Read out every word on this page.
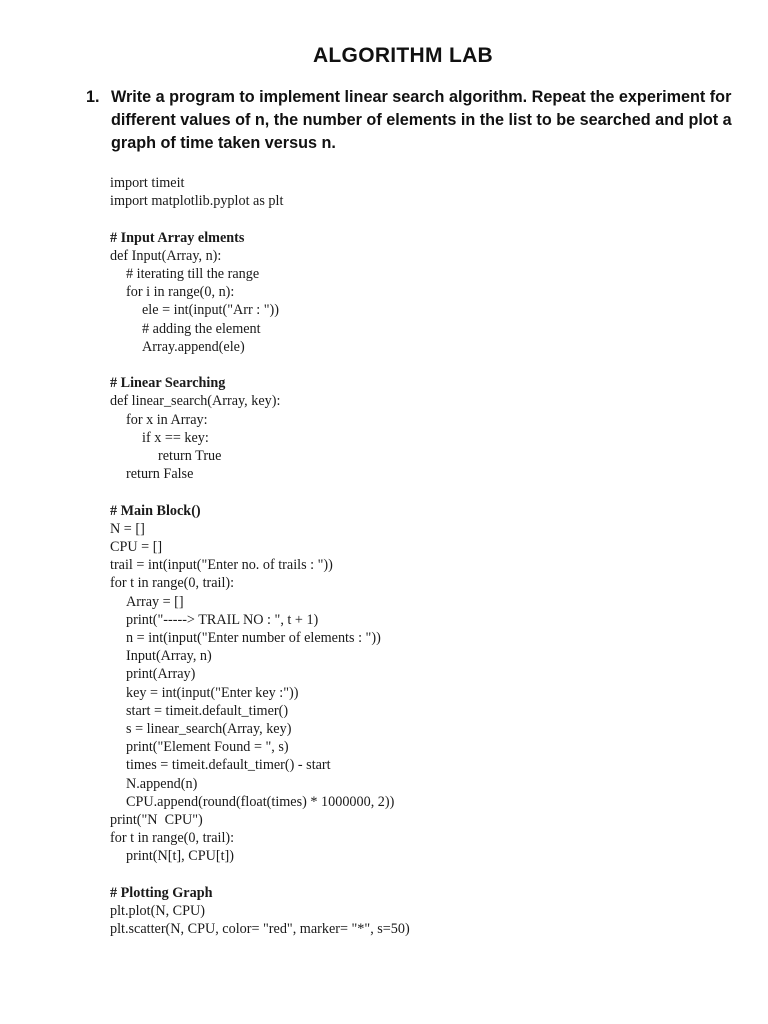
ALGORITHM LAB
1. Write a program to implement linear search algorithm. Repeat the experiment for
different values of n, the number of elements in the list to be searched and plot a
graph of time taken versus n.
import timeit
import matplotlib.pyplot as plt
# Input Array elments
def Input(Array, n):
# iterating till the range
for i in range(0, n):
ele = int(input("Arr : "))
# adding the element
Array.append(ele)
# Linear Searching
def linear_search(Array, key):
for x in Array:
if x == key:
return True
return False
# Main Block()
N = []
CPU = []
trail = int(input("Enter no. of trails : "))
for t in range(0, trail):
Array = []
print("-----> TRAIL NO : ", t + 1)
n = int(input("Enter number of elements : "))
Input(Array, n)
print(Array)
key = int(input("Enter key :"))
start = timeit.default_timer()
s = linear_search(Array, key)
print("Element Found = ", s)
times = timeit.default_timer() - start
N.append(n)
CPU.append(round(float(times) * 1000000, 2))
print("N  CPU")
for t in range(0, trail):
print(N[t], CPU[t])
# Plotting Graph
plt.plot(N, CPU)
plt.scatter(N, CPU, color= "red", marker= "*", s=50)
